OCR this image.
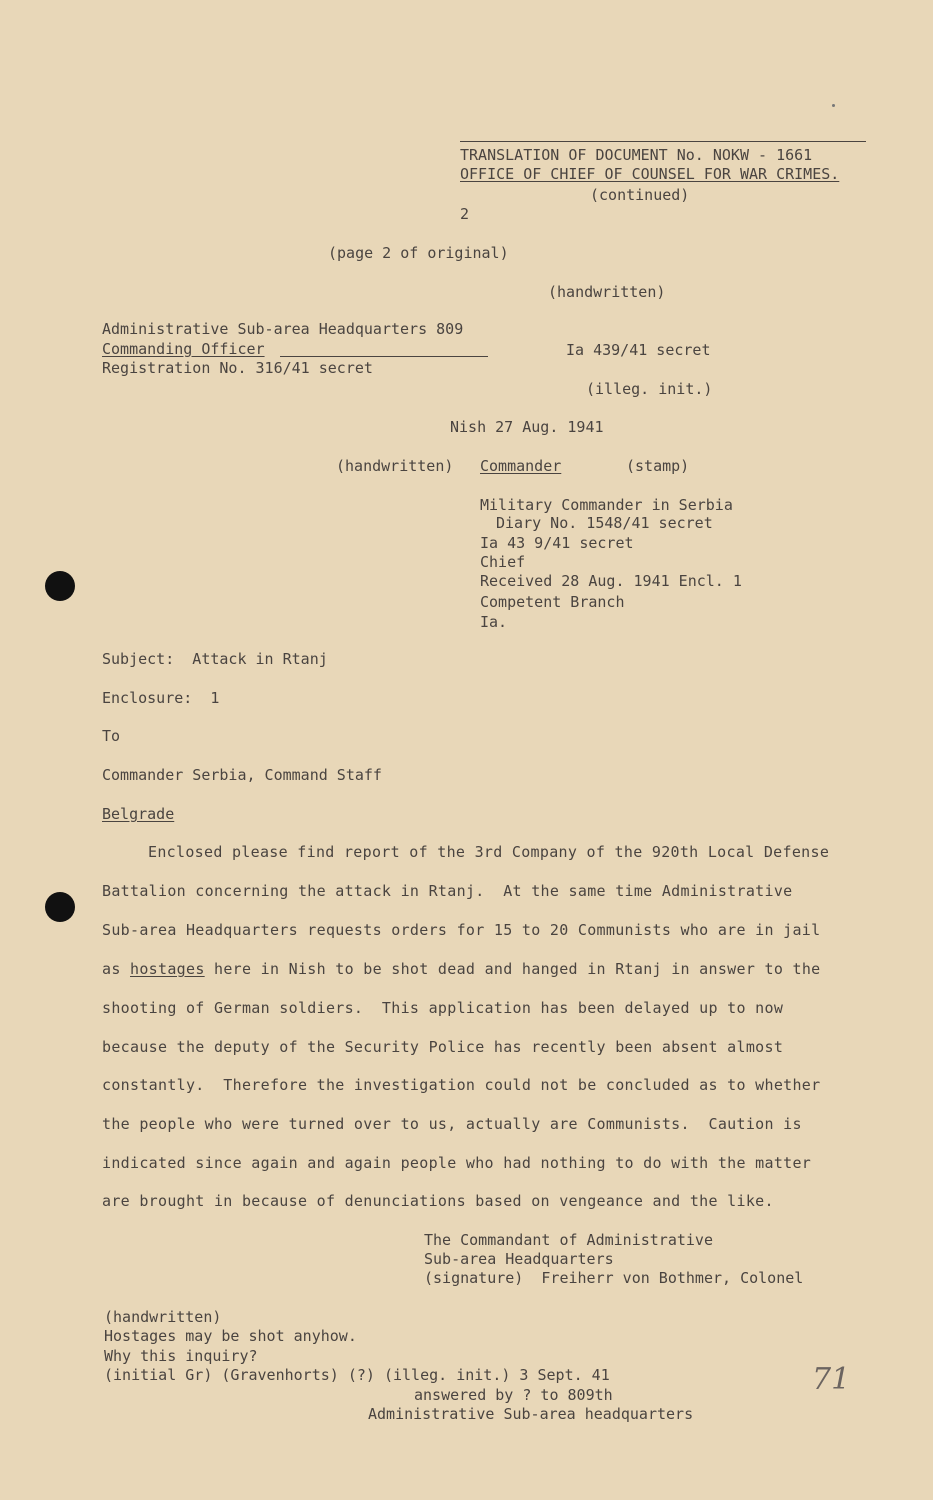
TRANSLATION OF DOCUMENT No. NOKW - 1661
OFFICE OF CHIEF OF COUNSEL FOR WAR CRIMES.
(continued)
2
(page 2 of original)
(handwritten)
Administrative Sub-area Headquarters 809
Commanding Officer	Ia 439/41 secret
Registration No. 316/41 secret
(illeg. init.)
Nish 27 Aug. 1941
(handwritten) Commander	(stamp)
Military Commander in Serbia
Diary No. 1548/41 secret
Ia 43 9/41 secret
Chief
Received 28 Aug. 1941 Encl. 1
Competent Branch
Ia.
Subject:  Attack in Rtanj
Enclosure:  1
To
Commander Serbia, Command Staff
Belgrade
Enclosed please find report of the 3rd Company of the 920th Local Defense
Battalion concerning the attack in Rtanj.  At the same time Administrative
Sub-area Headquarters requests orders for 15 to 20 Communists who are in jail
as hostages here in Nish to be shot dead and hanged in Rtanj in answer to the
shooting of German soldiers.  This application has been delayed up to now
because the deputy of the Security Police has recently been absent almost
constantly.  Therefore the investigation could not be concluded as to whether
the people who were turned over to us, actually are Communists.  Caution is
indicated since again and again people who had nothing to do with the matter
are brought in because of denunciations based on vengeance and the like.
The Commandant of Administrative
Sub-area Headquarters
(signature)  Freiherr von Bothmer, Colonel
(handwritten)
Hostages may be shot anyhow.
Why this inquiry?
(initial Gr) (Gravenhorts) (?) (illeg. init.) 3 Sept. 41
answered by ? to 809th
Administrative Sub-area headquarters
71
